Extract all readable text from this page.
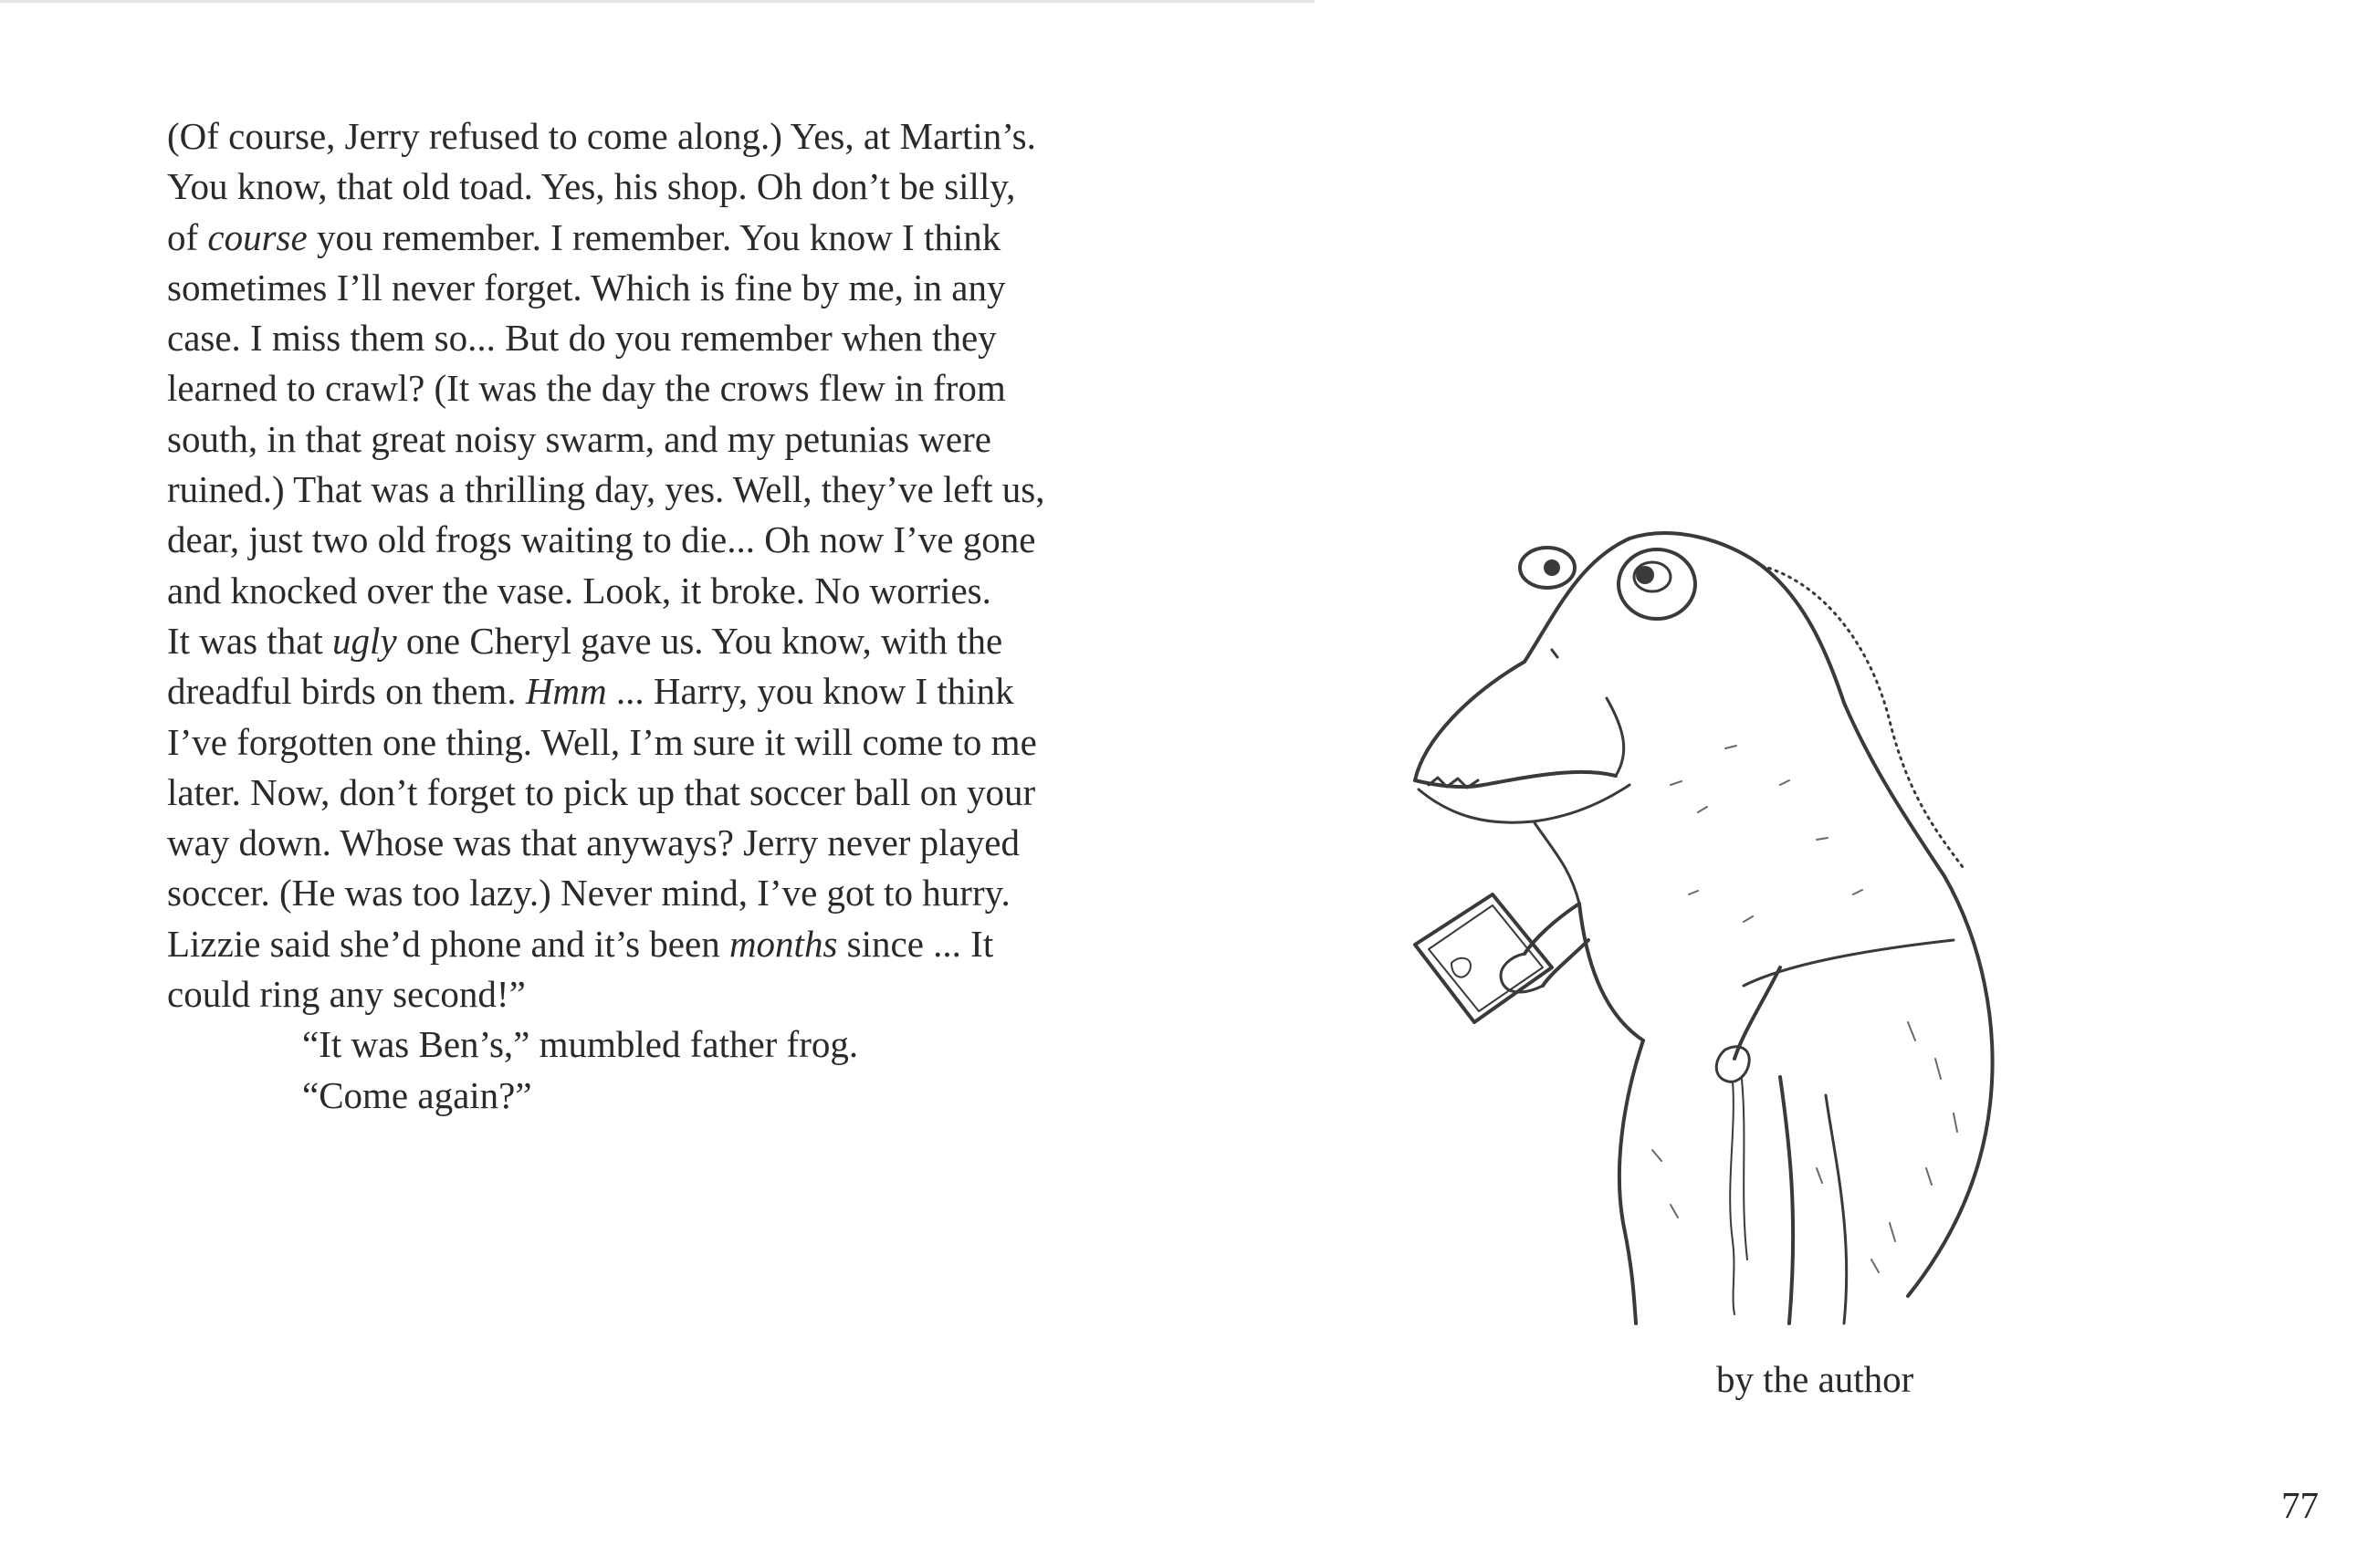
(Of course, Jerry refused to come along.) Yes, at Martin’s.
You know, that old toad. Yes, his shop. Oh don’t be silly,
of course you remember. I remember. You know I think
sometimes I’ll never forget. Which is fine by me, in any
case. I miss them so... But do you remember when they
learned to crawl? (It was the day the crows flew in from
south, in that great noisy swarm, and my petunias were
ruined.) That was a thrilling day, yes. Well, they’ve left us,
dear, just two old frogs waiting to die... Oh now I’ve gone
and knocked over the vase. Look, it broke. No worries.
It was that ugly one Cheryl gave us. You know, with the
dreadful birds on them. Hmm ... Harry, you know I think
I’ve forgotten one thing. Well, I’m sure it will come to me
later. Now, don’t forget to pick up that soccer ball on your
way down. Whose was that anyways? Jerry never played
soccer. (He was too lazy.) Never mind, I’ve got to hurry.
Lizzie said she’d phone and it’s been months since ... It
could ring any second!”
“It was Ben’s,” mumbled father frog.
“Come again?”
by the author
77
